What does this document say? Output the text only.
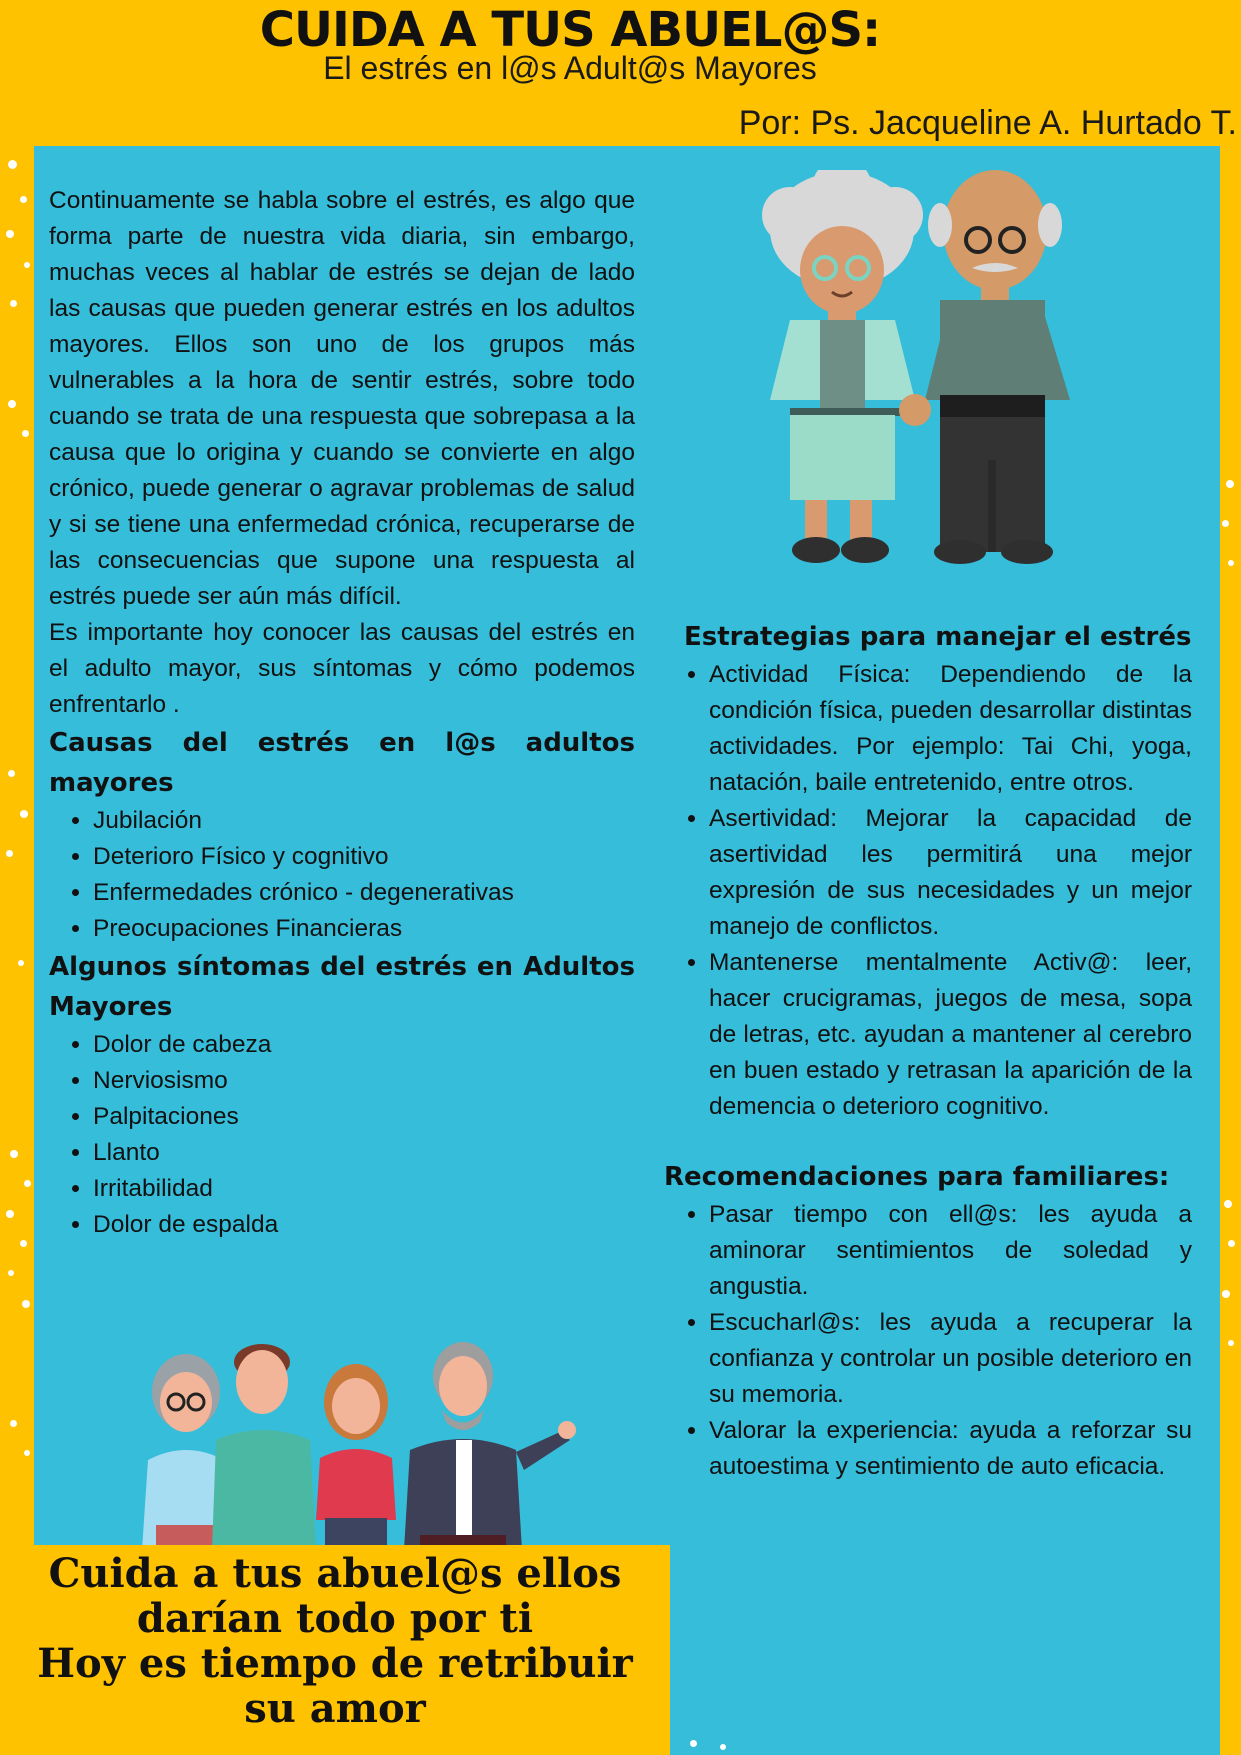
CUIDA A TUS ABUEL@S:
El estrés en l@s Adult@s Mayores
Por: Ps. Jacqueline A. Hurtado T.
Continuamente se habla sobre el estrés, es algo que forma parte de nuestra vida diaria, sin embargo, muchas veces al hablar de estrés se dejan de lado las causas que pueden generar estrés en los adultos mayores. Ellos son uno de los grupos más vulnerables a la hora de sentir estrés, sobre todo cuando se trata de una respuesta que sobrepasa a la causa que lo origina y cuando se convierte en algo crónico, puede generar o agravar problemas de salud y si se tiene una enfermedad crónica, recuperarse de las consecuencias que supone una respuesta al estrés puede ser aún más difícil.
Es importante hoy conocer las causas del estrés en el adulto mayor, sus síntomas y cómo podemos enfrentarlo .
Causas del estrés en l@s adultos mayores
• Jubilación
• Deterioro Físico y cognitivo
• Enfermedades crónico - degenerativas
• Preocupaciones Financieras
Algunos síntomas del estrés en Adultos Mayores
• Dolor de cabeza
• Nerviosismo
• Palpitaciones
• Llanto
• Irritabilidad
• Dolor de espalda
Estrategias para manejar el estrés
• Actividad Física: Dependiendo de la condición física, pueden desarrollar distintas actividades. Por ejemplo: Tai Chi, yoga, natación, baile entretenido, entre otros.
• Asertividad: Mejorar la capacidad de asertividad les permitirá una mejor expresión de sus necesidades y un mejor manejo de conflictos.
• Mantenerse mentalmente Activ@: leer, hacer crucigramas, juegos de mesa, sopa de letras, etc. ayudan a mantener al cerebro en buen estado y retrasan la aparición de la demencia o deterioro cognitivo.
Recomendaciones para familiares:
• Pasar tiempo con ell@s: les ayuda a aminorar sentimientos de soledad y angustia.
• Escucharl@s: les ayuda a recuperar la confianza y controlar un posible deterioro en su memoria.
• Valorar la experiencia: ayuda a reforzar su autoestima y sentimiento de auto eficacia.
Cuida a tus abuel@s ellos
darían todo por ti
Hoy es tiempo de retribuir
su amor
